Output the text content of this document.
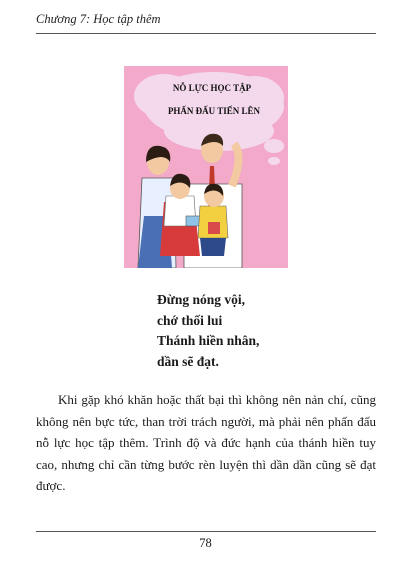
Chương 7: Học tập thêm
NỖ LỰC HỌC TẬP
PHẤN ĐẤU TIẾN LÊN
Đừng nóng vội,
chớ thối lui
Thánh hiền nhân,
dần sẽ đạt.

Khi gặp khó khăn hoặc thất bại thì không nên nản chí, cũng không nên bực tức, than trời trách người, mà phải nên phấn đấu nỗ lực học tập thêm. Trình độ và đức hạnh của thánh hiền tuy cao, nhưng chỉ cần từng bước rèn luyện thì dần dần cũng sẽ đạt được.

78
